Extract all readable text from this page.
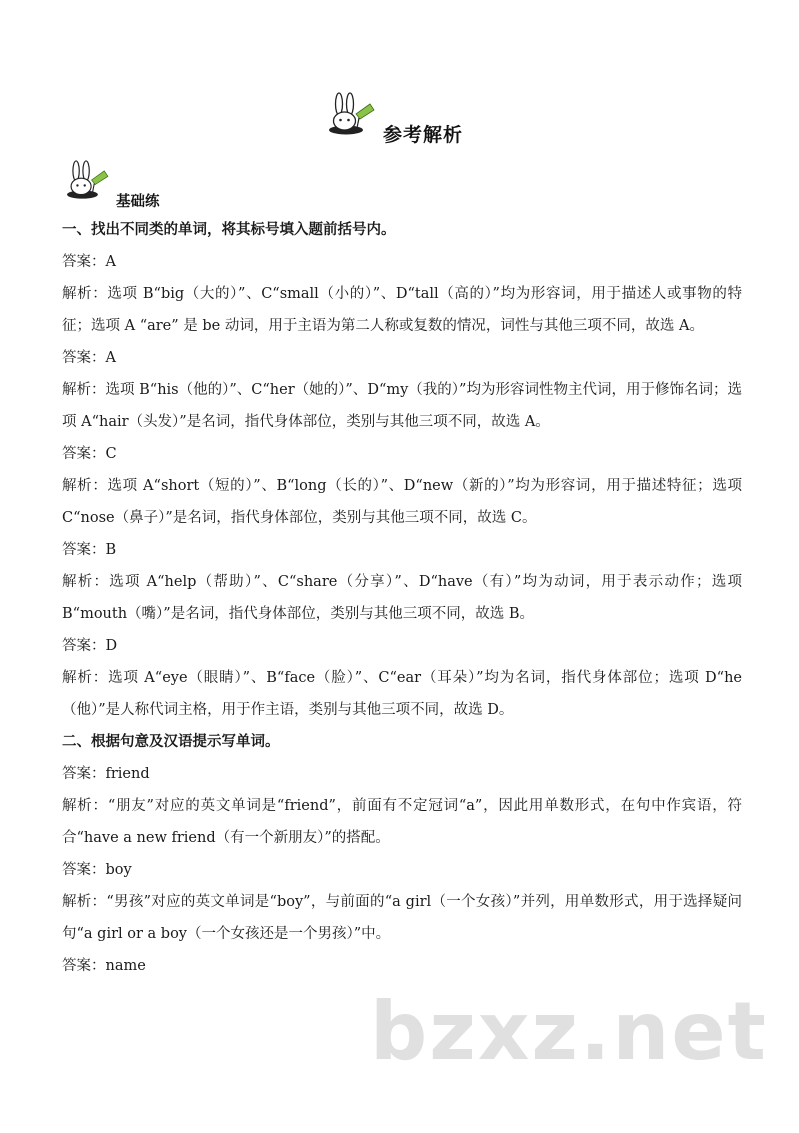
参考解析
基础练
一、找出不同类的单词，将其标号填入题前括号内。
答案：A
解析：选项 B“big（大的）”、C“small（小的）”、D“tall（高的）”均为形容词，用于描述人或事物的特征；选项 A “are” 是 be 动词，用于主语为第二人称或复数的情况，词性与其他三项不同，故选 A。
答案：A
解析：选项 B“his（他的）”、C“her（她的）”、D“my（我的）”均为形容词性物主代词，用于修饰名词；选项 A“hair（头发）”是名词，指代身体部位，类别与其他三项不同，故选 A。
答案：C
解析：选项 A“short（短的）”、B“long（长的）”、D“new（新的）”均为形容词，用于描述特征；选项 C“nose（鼻子）”是名词，指代身体部位，类别与其他三项不同，故选 C。
答案：B
解析：选项 A“help（帮助）”、C“share（分享）”、D“have（有）”均为动词，用于表示动作；选项 B“mouth（嘴）”是名词，指代身体部位，类别与其他三项不同，故选 B。
答案：D
解析：选项 A“eye（眼睛）”、B“face（脸）”、C“ear（耳朵）”均为名词，指代身体部位；选项 D“he（他）”是人称代词主格，用于作主语，类别与其他三项不同，故选 D。
二、根据句意及汉语提示写单词。
答案：friend
解析：“朋友”对应的英文单词是“friend”，前面有不定冠词“a”，因此用单数形式，在句中作宾语，符合“have a new friend（有一个新朋友）”的搭配。
答案：boy
解析：“男孩”对应的英文单词是“boy”，与前面的“a girl（一个女孩）”并列，用单数形式，用于选择疑问句“a girl or a boy（一个女孩还是一个男孩）”中。
答案：name
bzxz.net
